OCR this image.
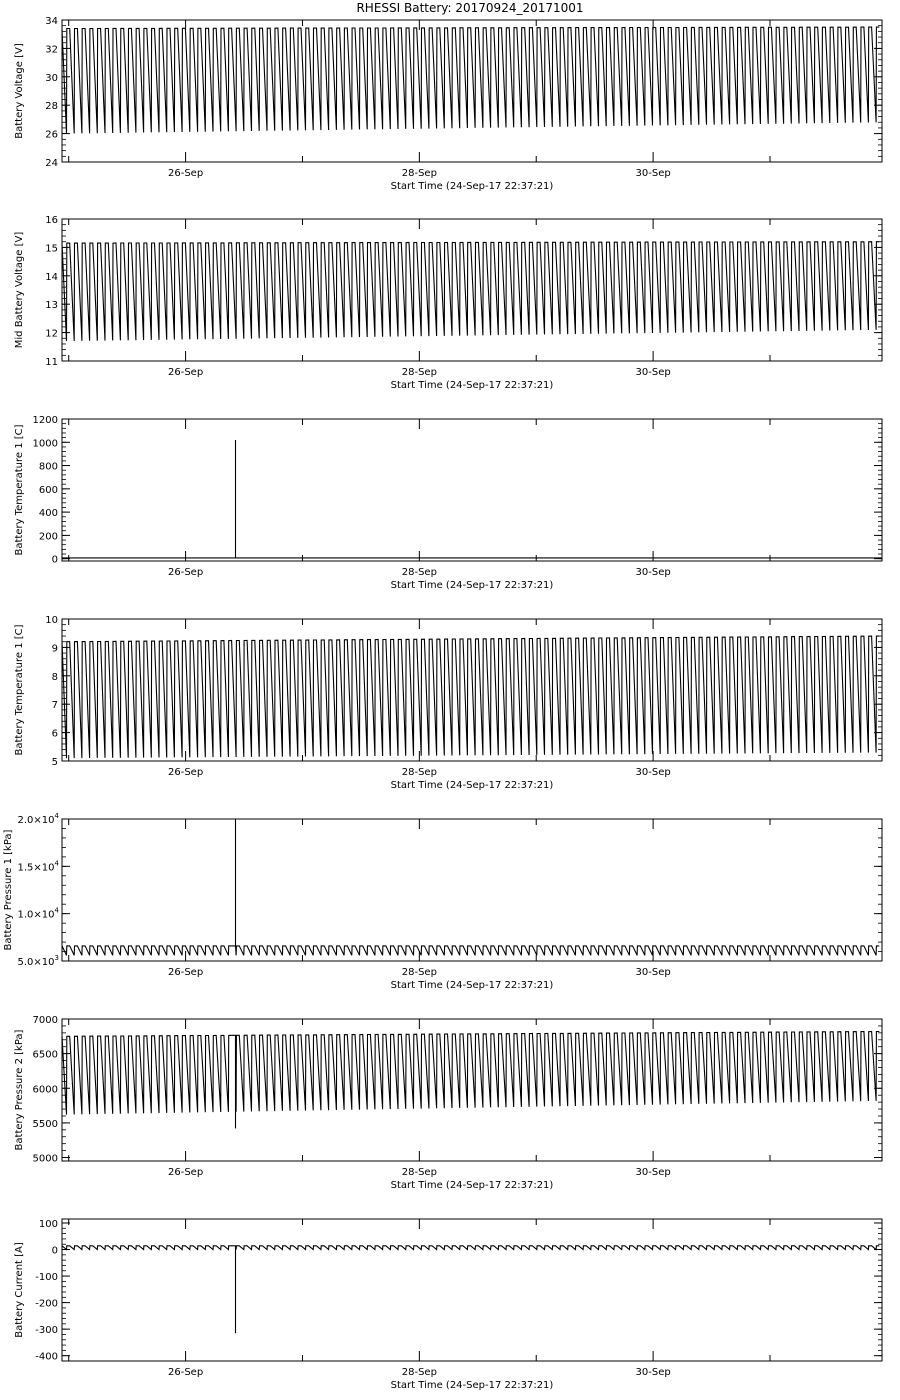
RHESSI Battery: 20170924_20171001
24
26
28
30
32
34
26-Sep	28-Sep	30-Sep
Start Time (24-Sep-17 22:37:21)
Battery Voltage [V]
11
12
13
14
15
16
26-Sep	28-Sep	30-Sep
Start Time (24-Sep-17 22:37:21)
Mid Battery Voltage [V]
0
200
400
600
800
1000
1200
26-Sep	28-Sep	30-Sep
Start Time (24-Sep-17 22:37:21)
Battery Temperature 1 [C]
5
6
7
8
9
10
26-Sep	28-Sep	30-Sep
Start Time (24-Sep-17 22:37:21)
Battery Temperature 1 [C]
$5.0\times 10^3$
$1.0\times 10^4$
$1.5\times 10^4$
$2.0\times 10^4$
26-Sep	28-Sep	30-Sep
Start Time (24-Sep-17 22:37:21)
Battery Pressure 1 [kPa]
5000
5500
6000
6500
7000
26-Sep	28-Sep	30-Sep
Start Time (24-Sep-17 22:37:21)
Battery Pressure 2 [kPa]
-400
-300
-200
-100
0
100
26-Sep	28-Sep	30-Sep
Start Time (24-Sep-17 22:37:21)
Battery Current [A]
